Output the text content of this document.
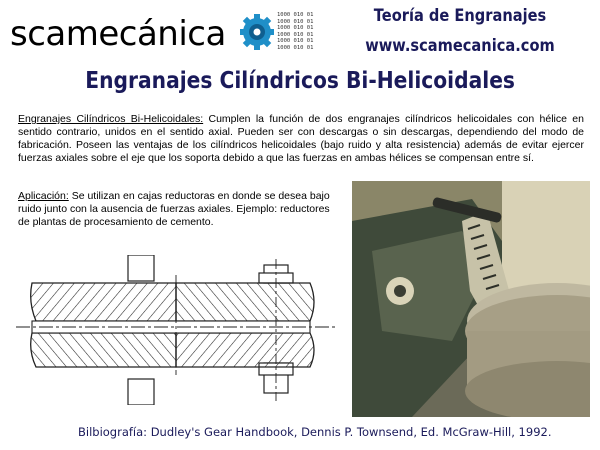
scamecánica	1000 010 01
1000 010 01
1000 010 01
1000 010 01
1000 010 01
1000 010 01
Teoría de Engranajes
www.scamecanica.com
Engranajes Cilíndricos Bi-Helicoidales
Engranajes Cilíndricos Bi-Helicoidales: Cumplen la función de dos engranajes cilíndricos helicoidales con hélice en sentido contrario, unidos en el sentido axial. Pueden ser con descargas o sin descargas, dependiendo del modo de fabricación. Poseen las ventajas de los cilíndricos helicoidales (bajo ruido y alta resistencia) además de evitar ejercer fuerzas axiales sobre el eje que los soporta debido a que las fuerzas en ambas hélices se compensan entre sí.
Aplicación: Se utilizan en cajas reductoras en donde se desea bajo ruido junto con la ausencia de fuerzas axiales. Ejemplo: reductores de plantas de procesamiento de cemento.
Bilbiografía: Dudley's Gear Handbook, Dennis P. Townsend, Ed. McGraw-Hill, 1992.
